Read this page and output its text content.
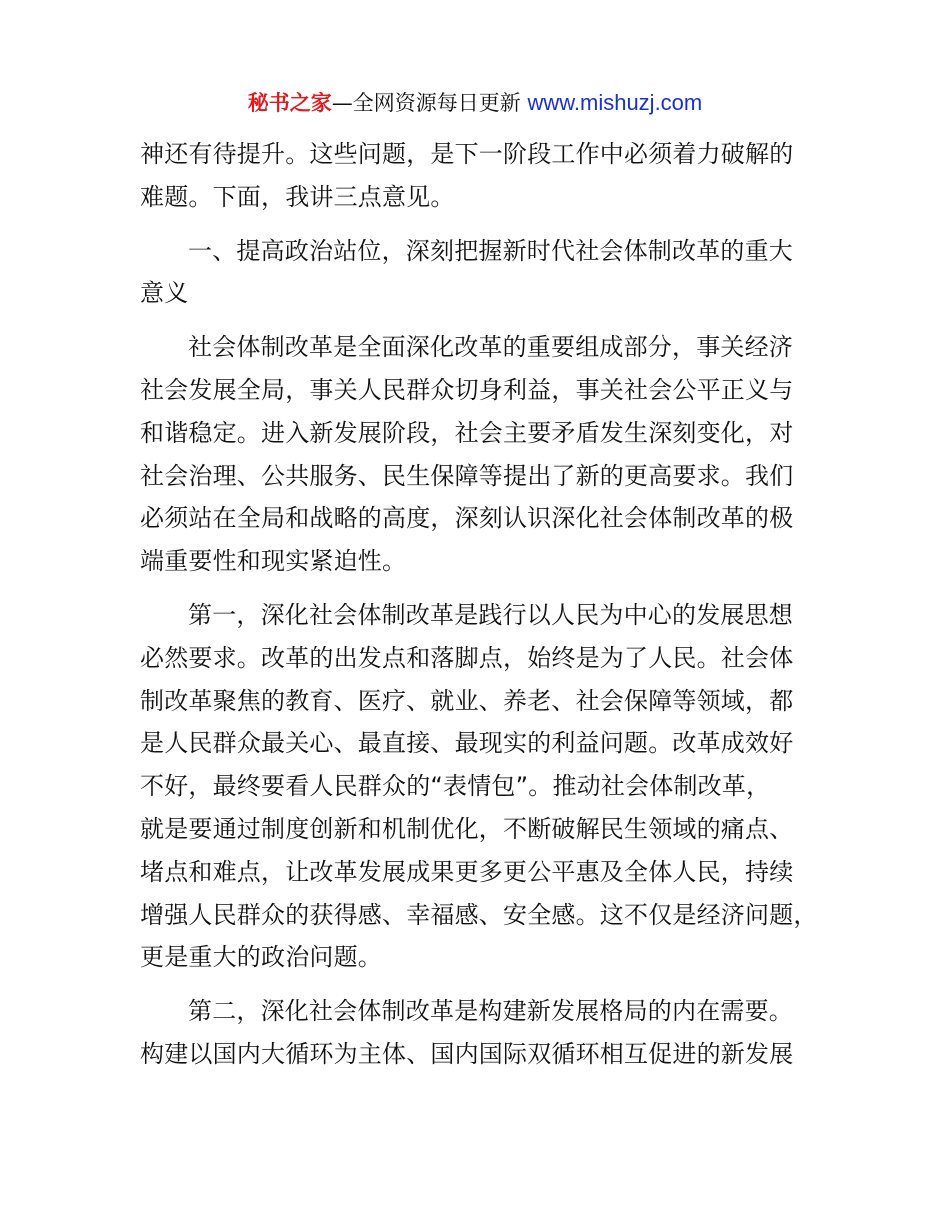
秘书之家—全网资源每日更新 www.mishuzj.com
神还有待提升。这些问题，是下一阶段工作中必须着力破解的
难题。下面，我讲三点意见。
一、提高政治站位，深刻把握新时代社会体制改革的重大
意义
社会体制改革是全面深化改革的重要组成部分，事关经济
社会发展全局，事关人民群众切身利益，事关社会公平正义与
和谐稳定。进入新发展阶段，社会主要矛盾发生深刻变化，对
社会治理、公共服务、民生保障等提出了新的更高要求。我们
必须站在全局和战略的高度，深刻认识深化社会体制改革的极
端重要性和现实紧迫性。
第一，深化社会体制改革是践行以人民为中心的发展思想
必然要求。改革的出发点和落脚点，始终是为了人民。社会体
制改革聚焦的教育、医疗、就业、养老、社会保障等领域，都
是人民群众最关心、最直接、最现实的利益问题。改革成效好
不好，最终要看人民群众的“表情包”。推动社会体制改革，
就是要通过制度创新和机制优化，不断破解民生领域的痛点、
堵点和难点，让改革发展成果更多更公平惠及全体人民，持续
增强人民群众的获得感、幸福感、安全感。这不仅是经济问题，
更是重大的政治问题。
第二，深化社会体制改革是构建新发展格局的内在需要。
构建以国内大循环为主体、国内国际双循环相互促进的新发展
